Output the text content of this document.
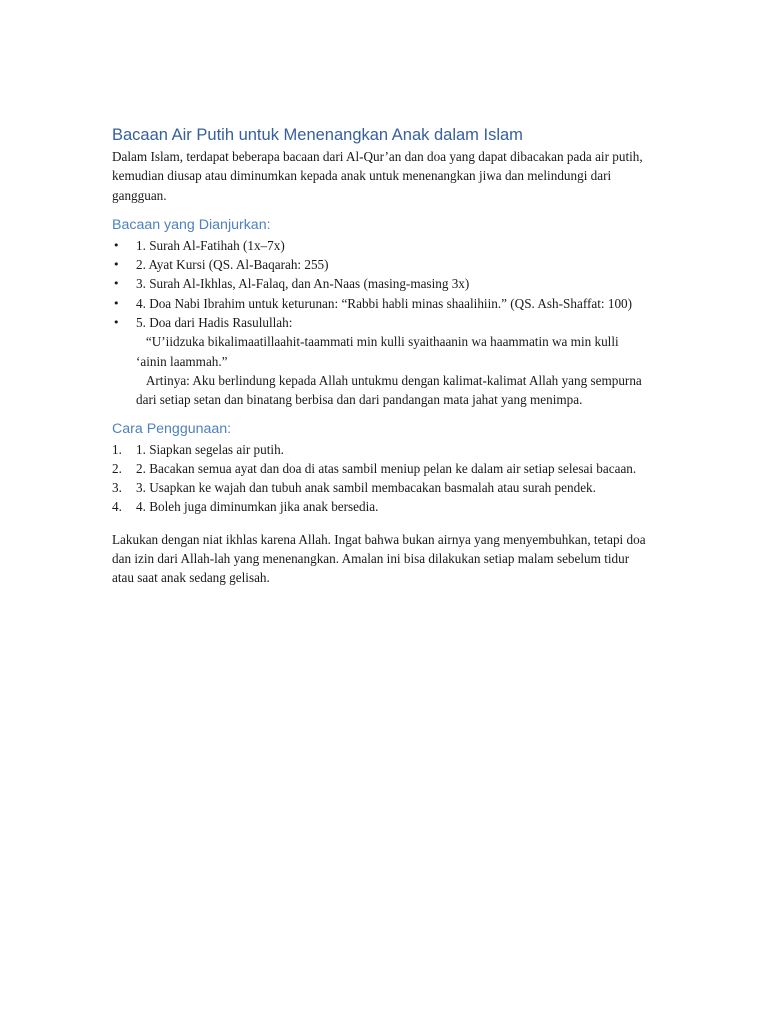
Bacaan Air Putih untuk Menenangkan Anak dalam Islam

Dalam Islam, terdapat beberapa bacaan dari Al-Qur’an dan doa yang dapat dibacakan pada air putih, kemudian diusap atau diminumkan kepada anak untuk menenangkan jiwa dan melindungi dari gangguan.

Bacaan yang Dianjurkan:
• 1. Surah Al-Fatihah (1x–7x)
• 2. Ayat Kursi (QS. Al-Baqarah: 255)
• 3. Surah Al-Ikhlas, Al-Falaq, dan An-Naas (masing-masing 3x)
• 4. Doa Nabi Ibrahim untuk keturunan: “Rabbi habli minas shaalihiin.” (QS. Ash-Shaffat: 100)
• 5. Doa dari Hadis Rasulullah:
“U’iidzuka bikalimaatillaahit-taammati min kulli syaithaanin wa haammatin wa min kulli ‘ainin laammah.”
Artinya: Aku berlindung kepada Allah untukmu dengan kalimat-kalimat Allah yang sempurna dari setiap setan dan binatang berbisa dan dari pandangan mata jahat yang menimpa.
Cara Penggunaan:
1. 1. Siapkan segelas air putih.
2. 2. Bacakan semua ayat dan doa di atas sambil meniup pelan ke dalam air setiap selesai bacaan.
3. 3. Usapkan ke wajah dan tubuh anak sambil membacakan basmalah atau surah pendek.
4. 4. Boleh juga diminumkan jika anak bersedia.

Lakukan dengan niat ikhlas karena Allah. Ingat bahwa bukan airnya yang menyembuhkan, tetapi doa dan izin dari Allah-lah yang menenangkan. Amalan ini bisa dilakukan setiap malam sebelum tidur atau saat anak sedang gelisah.
